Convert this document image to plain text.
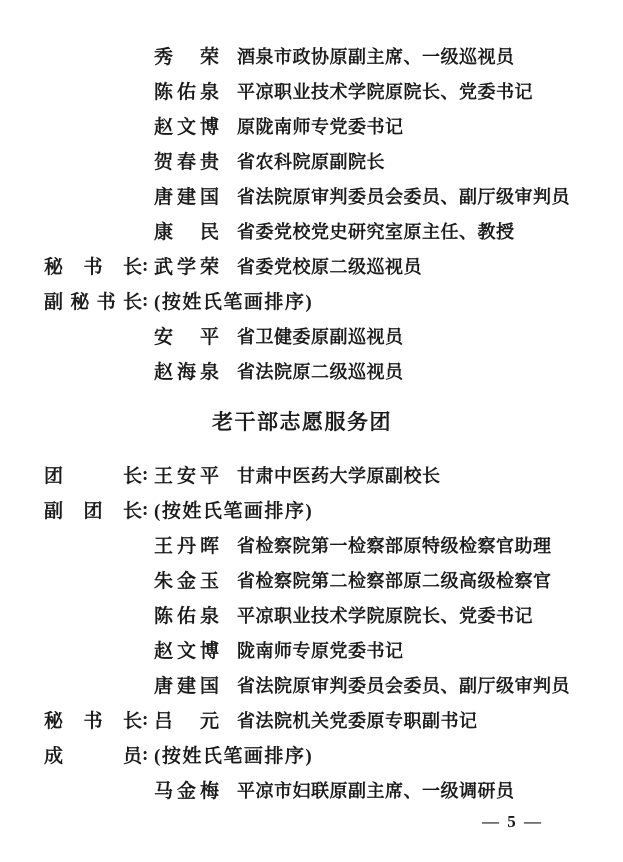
秀　荣 酒泉市政协原副主席、一级巡视员
陈佑泉 平凉职业技术学院原院长、党委书记
赵文博 原陇南师专党委书记
贺春贵 省农科院原副院长
唐建国 省法院原审判委员会委员、副厅级审判员
康　民 省委党校党史研究室原主任、教授
秘 书 长 : 武学荣 省委党校原二级巡视员
副 秘 书 长 : (按姓氏笔画排序)
安　平 省卫健委原副巡视员
赵海泉 省法院原二级巡视员
老干部志愿服务团
团	长 : 王安平 甘肃中医药大学原副校长
副 团 长 : (按姓氏笔画排序)
王丹晖 省检察院第一检察部原特级检察官助理
朱金玉 省检察院第二检察部原二级高级检察官
陈佑泉 平凉职业技术学院原院长、党委书记
赵文博 陇南师专原党委书记
唐建国 省法院原审判委员会委员、副厅级审判员
秘 书 长 : 吕　元 省法院机关党委原专职副书记
成	员 : (按姓氏笔画排序)
马金梅 平凉市妇联原副主席、一级调研员
— 5 —
